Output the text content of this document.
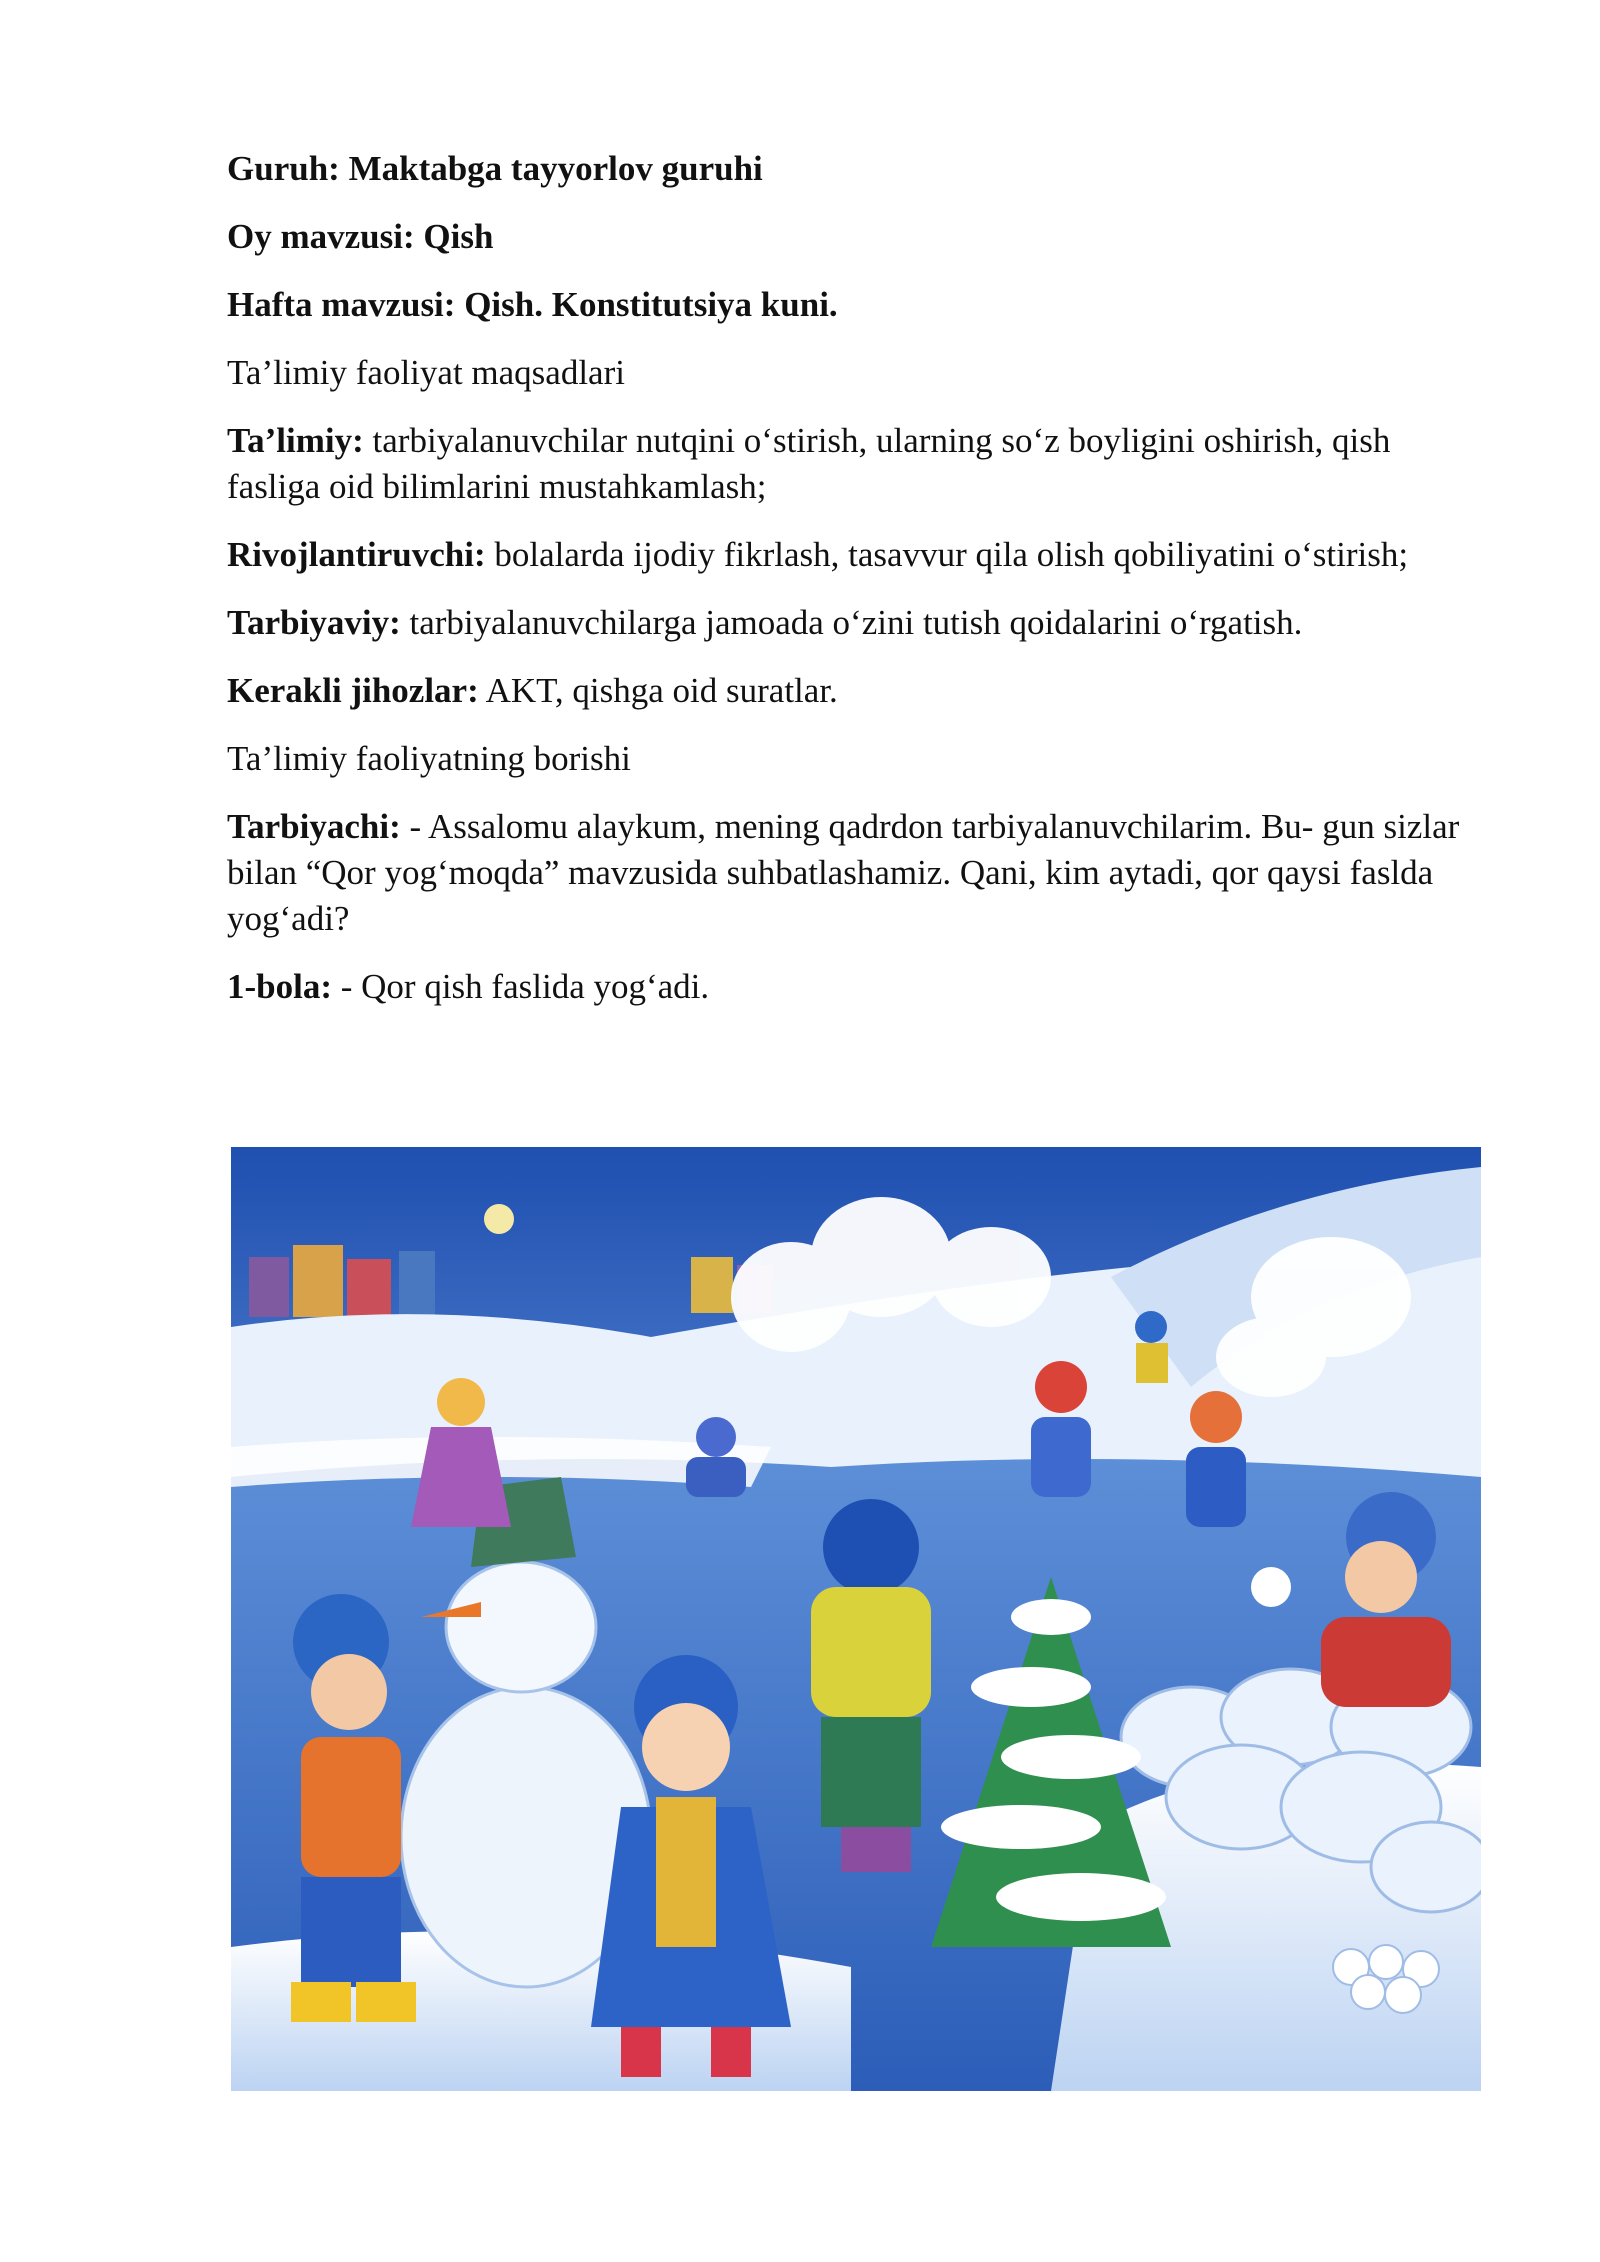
Guruh: Maktabga tayyorlov guruhi

Oy mavzusi: Qish

Hafta mavzusi: Qish. Konstitutsiya kuni.

Ta’limiy faoliyat maqsadlari

Ta’limiy: tarbiyalanuvchilar nutqini o‘stirish, ularning so‘z boyligini oshirish, qish fasliga oid bilimlarini mustahkamlash;

Rivojlantiruvchi: bolalarda ijodiy fikrlash, tasavvur qila olish qobiliyatini o‘stirish;

Tarbiyaviy: tarbiyalanuvchilarga jamoada o‘zini tutish qoidalarini o‘rgatish.

Kerakli jihozlar: AKT, qishga oid suratlar.

Ta’limiy faoliyatning borishi

Tarbiyachi: - Assalomu alaykum, mening qadrdon tarbiyalanuvchilarim. Bu- gun sizlar bilan “Qor yog‘moqda” mavzusida suhbatlashamiz. Qani, kim aytadi, qor qaysi faslda yog‘adi?

1-bola: - Qor qish faslida yog‘adi.
